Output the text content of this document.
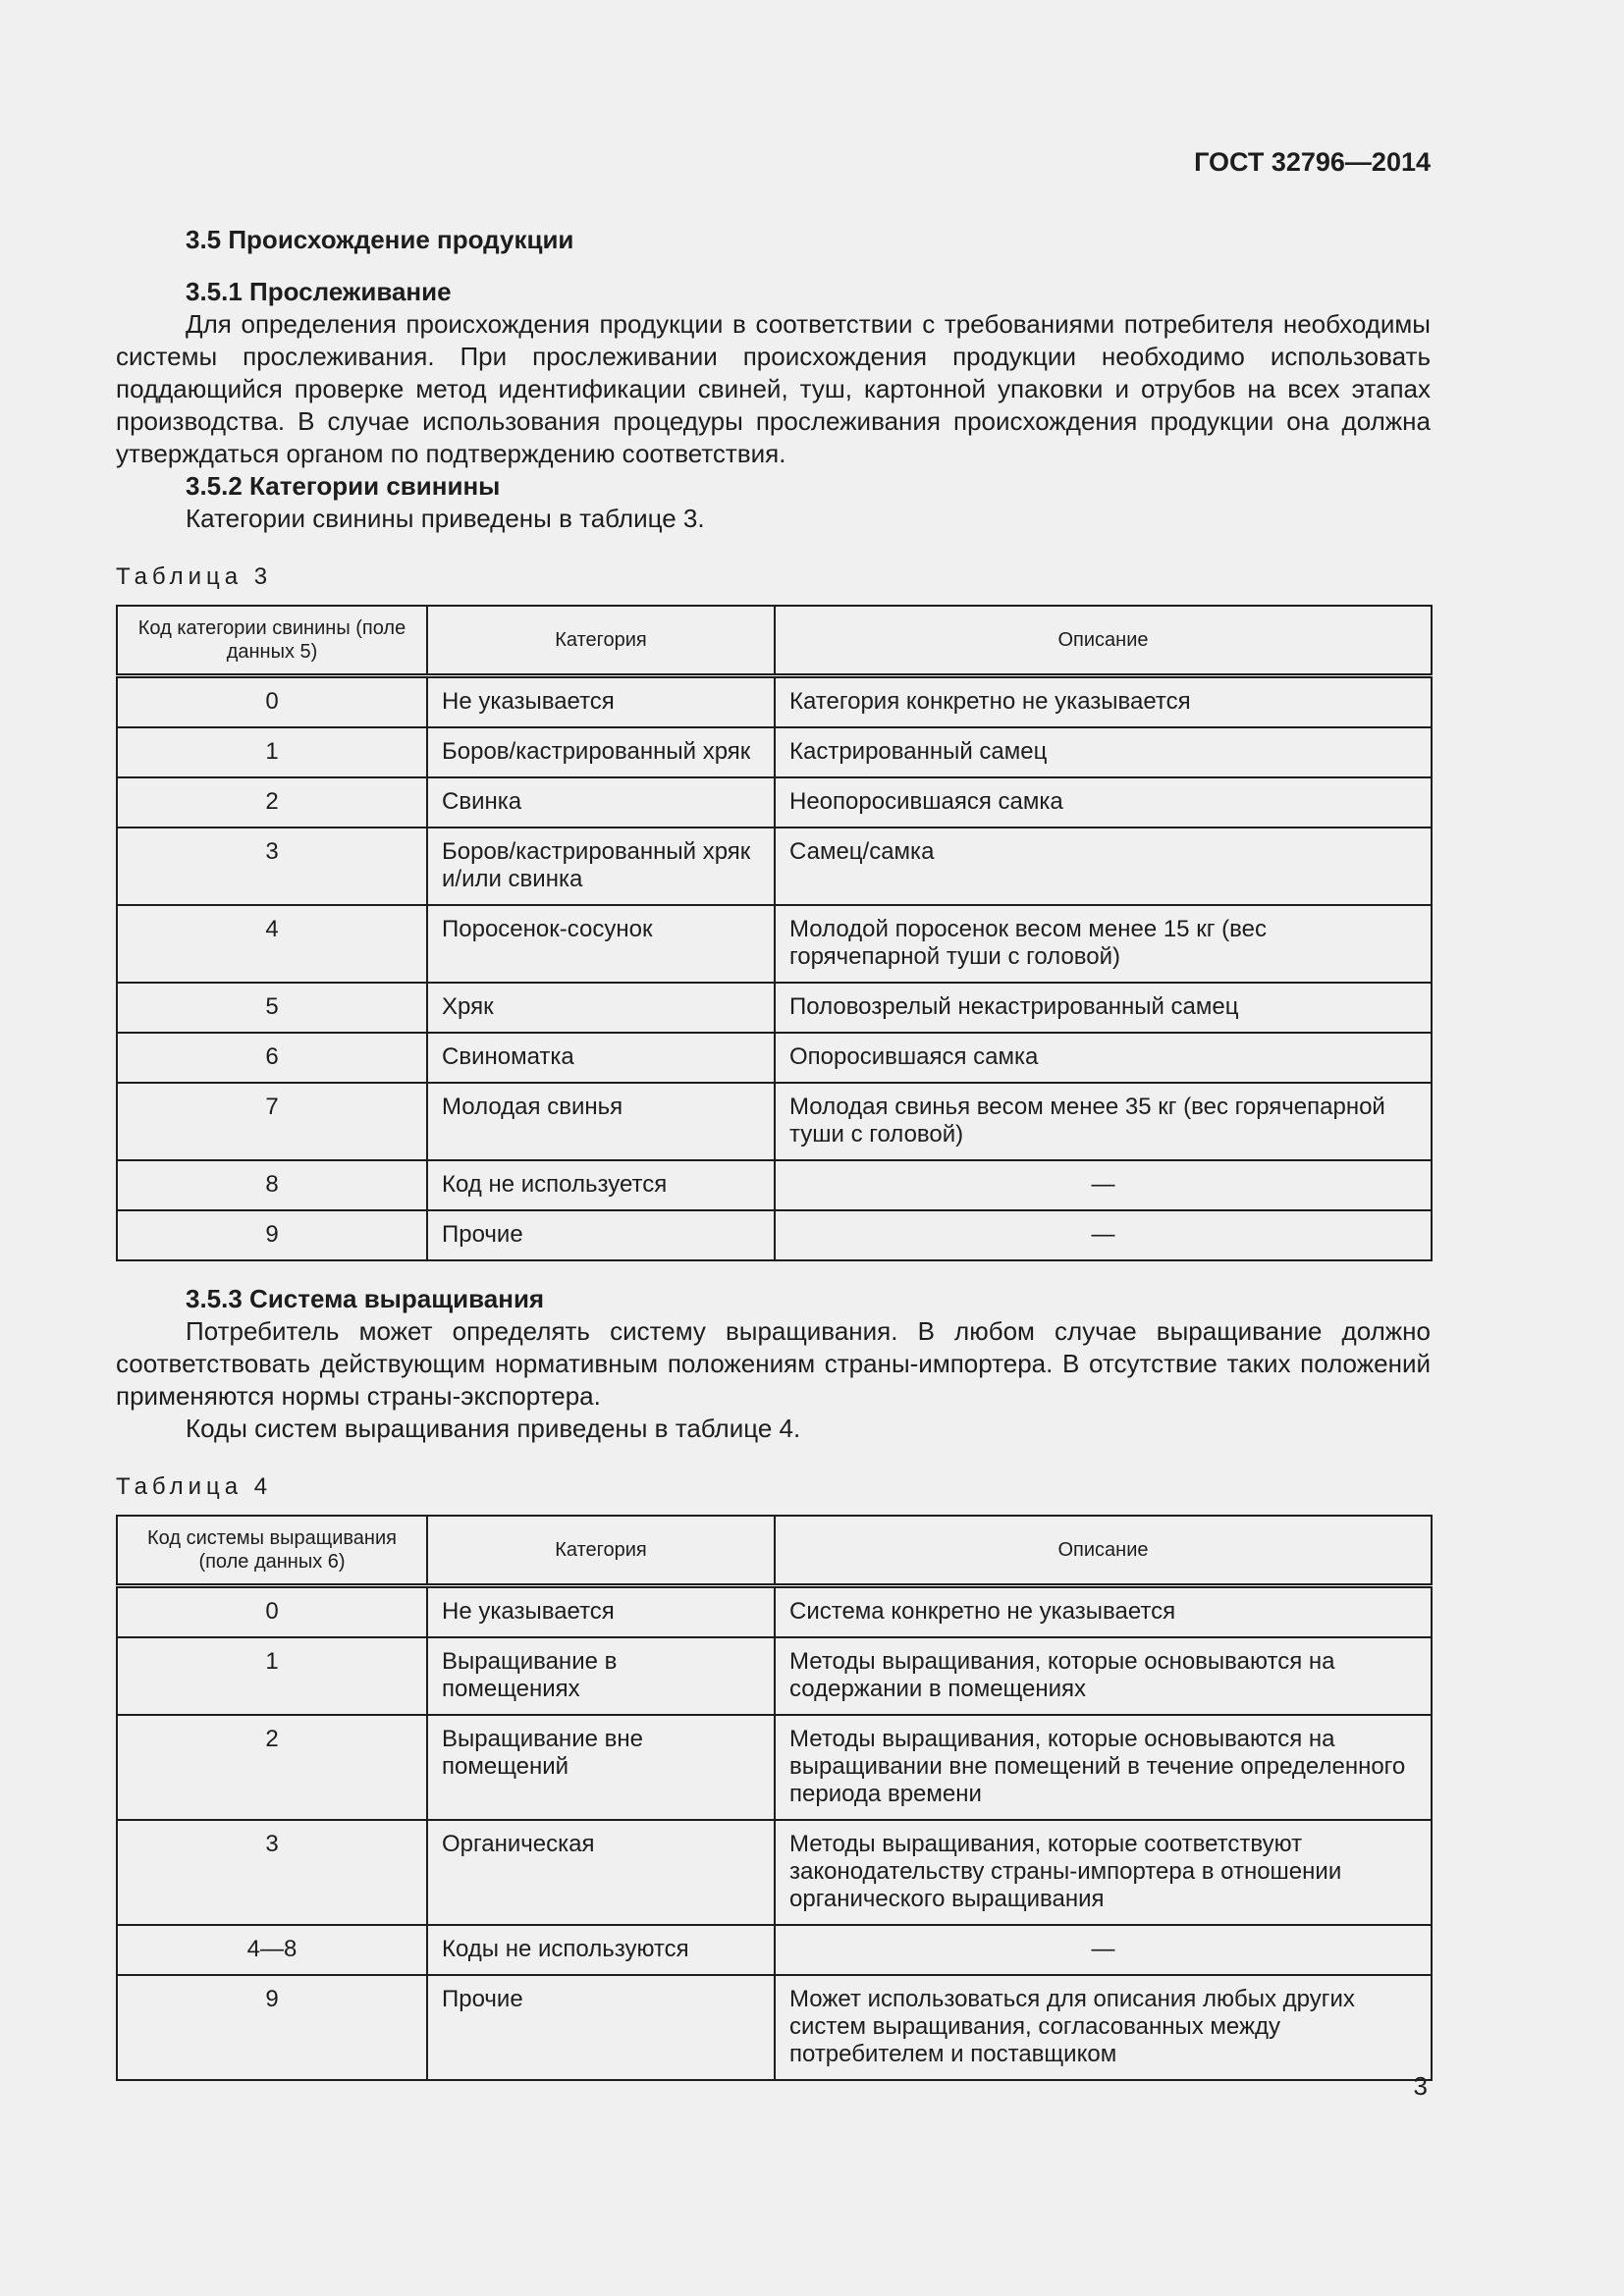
ГОСТ 32796—2014
3.5 Происхождение продукции
3.5.1 Прослеживание

Для определения происхождения продукции в соответствии с требованиями потребителя необходимы системы прослеживания. При прослеживании происхождения продукции необходимо использовать поддающийся проверке метод идентификации свиней, туш, картонной упаковки и отрубов на всех этапах производства. В случае использования процедуры прослеживания происхождения продукции она должна утверждаться органом по подтверждению соответствия.

3.5.2 Категории свинины

Категории свинины приведены в таблице 3.

Таблица 3
Код категории свинины (поле данных 5)	Категория	Описание
0	Не указывается	Категория конкретно не указывается
1	Боров/кастрированный хряк	Кастрированный самец
2	Свинка	Неопоросившаяся самка
3	Боров/кастрированный хряк и/или свинка	Самец/самка
4	Поросенок-сосунок	Молодой поросенок весом менее 15 кг (вес горячепарной туши с головой)
5	Хряк	Половозрелый некастрированный самец
6	Свиноматка	Опоросившаяся самка
7	Молодая свинья	Молодая свинья весом менее 35 кг (вес горячепарной туши с головой)
8	Код не используется	—
9	Прочие	—
3.5.3 Система выращивания

Потребитель может определять систему выращивания. В любом случае выращивание должно соответствовать действующим нормативным положениям страны-импортера. В отсутствие таких положений применяются нормы страны-экспортера.

Коды систем выращивания приведены в таблице 4.

Таблица 4
Код системы выращивания (поле данных 6)	Категория	Описание
0	Не указывается	Система конкретно не указывается
1	Выращивание в помещениях	Методы выращивания, которые основываются на содержании в помещениях
2	Выращивание вне помещений	Методы выращивания, которые основываются на выращивании вне помещений в течение определенного периода времени
3	Органическая	Методы выращивания, которые соответствуют законодательству страны-импортера в отношении органического выращивания
4—8	Коды не используются	—
9	Прочие	Может использоваться для описания любых других систем выращивания, согласованных между потребителем и поставщиком
3
